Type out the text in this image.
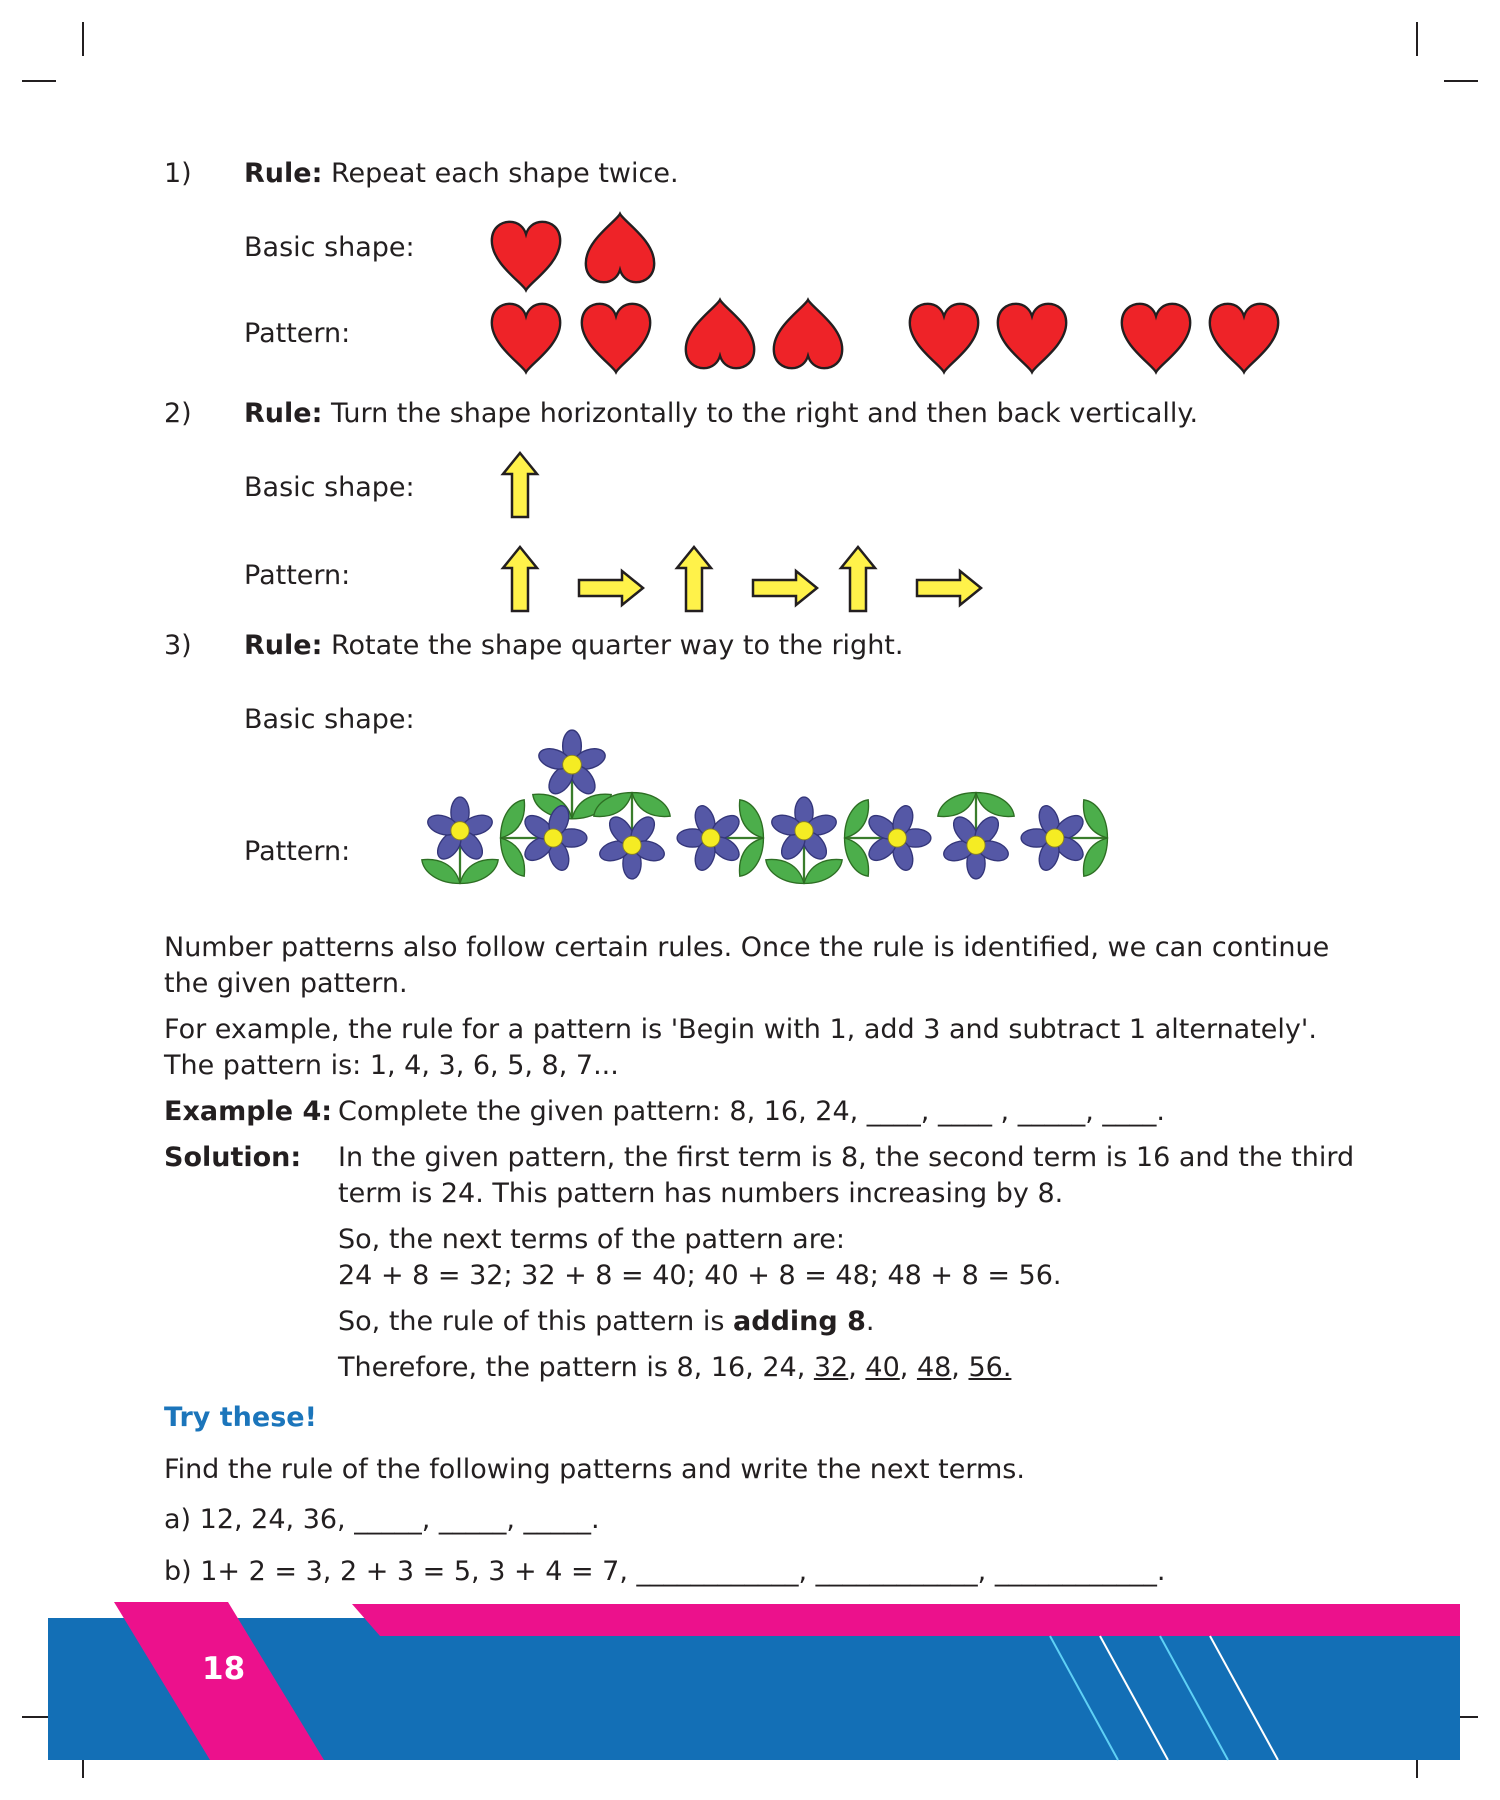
1) Rule: Repeat each shape twice.
Basic shape:
Pattern:
2) Rule: Turn the shape horizontally to the right and then back vertically.
Basic shape:
Pattern:
3) Rule: Rotate the shape quarter way to the right.
Basic shape:
Pattern:
Number patterns also follow certain rules. Once the rule is identified, we can continue
the given pattern.
For example, the rule for a pattern is 'Begin with 1, add 3 and subtract 1 alternately'.
The pattern is: 1, 4, 3, 6, 5, 8, 7...
Example 4: Complete the given pattern: 8, 16, 24, ____, ____ , _____, ____.
Solution: In the given pattern, the first term is 8, the second term is 16 and the third
term is 24. This pattern has numbers increasing by 8.
So, the next terms of the pattern are:
24 + 8 = 32; 32 + 8 = 40; 40 + 8 = 48; 48 + 8 = 56.
So, the rule of this pattern is adding 8.
Therefore, the pattern is 8, 16, 24, 32, 40, 48, 56.
Try these!
Find the rule of the following patterns and write the next terms.
a) 12, 24, 36, _____, _____, _____.
b) 1+ 2 = 3, 2 + 3 = 5, 3 + 4 = 7, ____________, ____________, ____________.
18
